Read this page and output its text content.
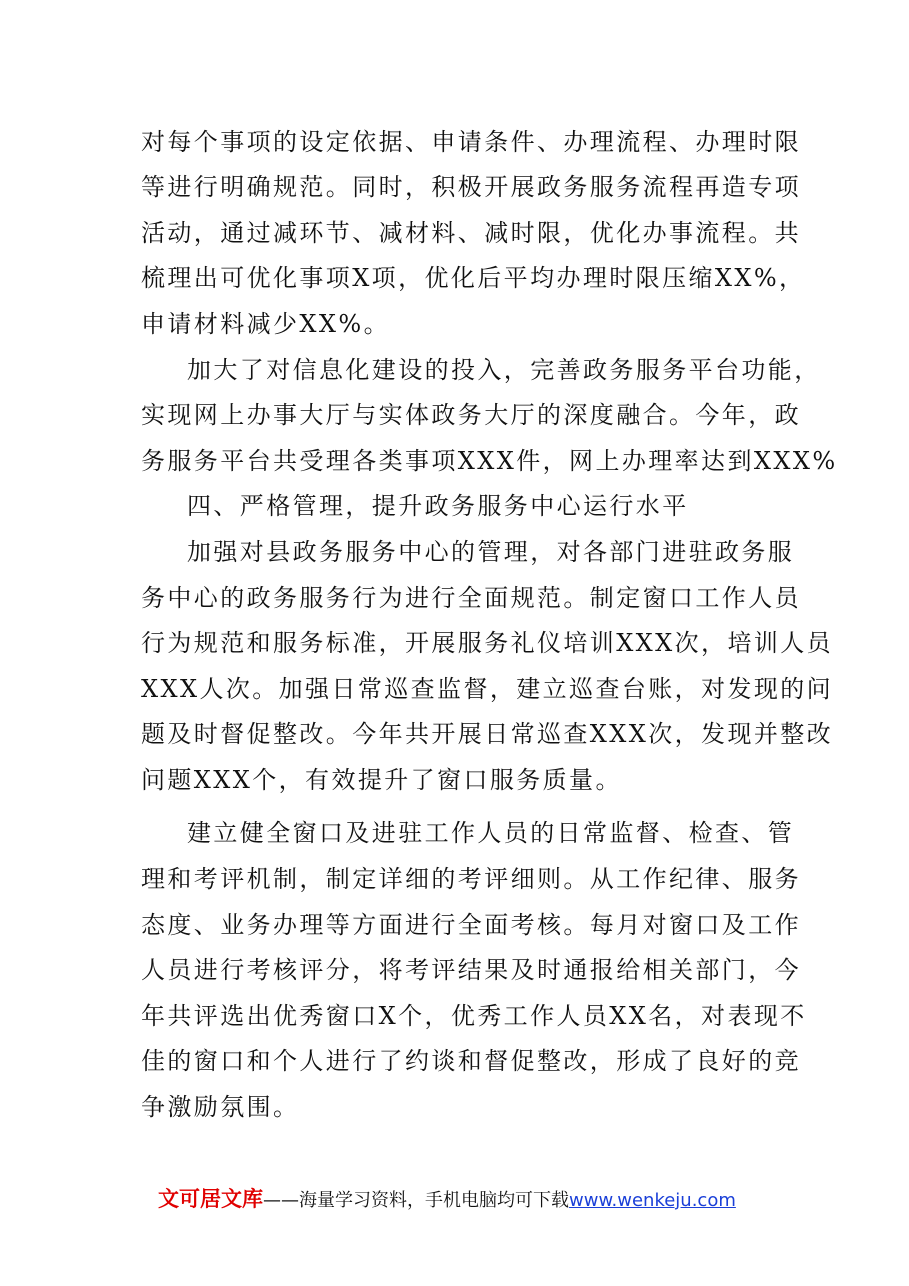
对每个事项的设定依据、申请条件、办理流程、办理时限
等进行明确规范。同时，积极开展政务服务流程再造专项
活动，通过减环节、减材料、减时限，优化办事流程。共
梳理出可优化事项X项，优化后平均办理时限压缩XX%，
申请材料减少XX%。
加大了对信息化建设的投入，完善政务服务平台功能，
实现网上办事大厅与实体政务大厅的深度融合。今年，政
务服务平台共受理各类事项XXX件，网上办理率达到XXX%
四、严格管理，提升政务服务中心运行水平
加强对县政务服务中心的管理，对各部门进驻政务服
务中心的政务服务行为进行全面规范。制定窗口工作人员
行为规范和服务标准，开展服务礼仪培训XXX次，培训人员
XXX人次。加强日常巡查监督，建立巡查台账，对发现的问
题及时督促整改。今年共开展日常巡查XXX次，发现并整改
问题XXX个，有效提升了窗口服务质量。
建立健全窗口及进驻工作人员的日常监督、检查、管
理和考评机制，制定详细的考评细则。从工作纪律、服务
态度、业务办理等方面进行全面考核。每月对窗口及工作
人员进行考核评分，将考评结果及时通报给相关部门，今
年共评选出优秀窗口X个，优秀工作人员XX名，对表现不
佳的窗口和个人进行了约谈和督促整改，形成了良好的竞
争激励氛围。
文可居文库——海量学习资料，手机电脑均可下载www.wenkeju.com
